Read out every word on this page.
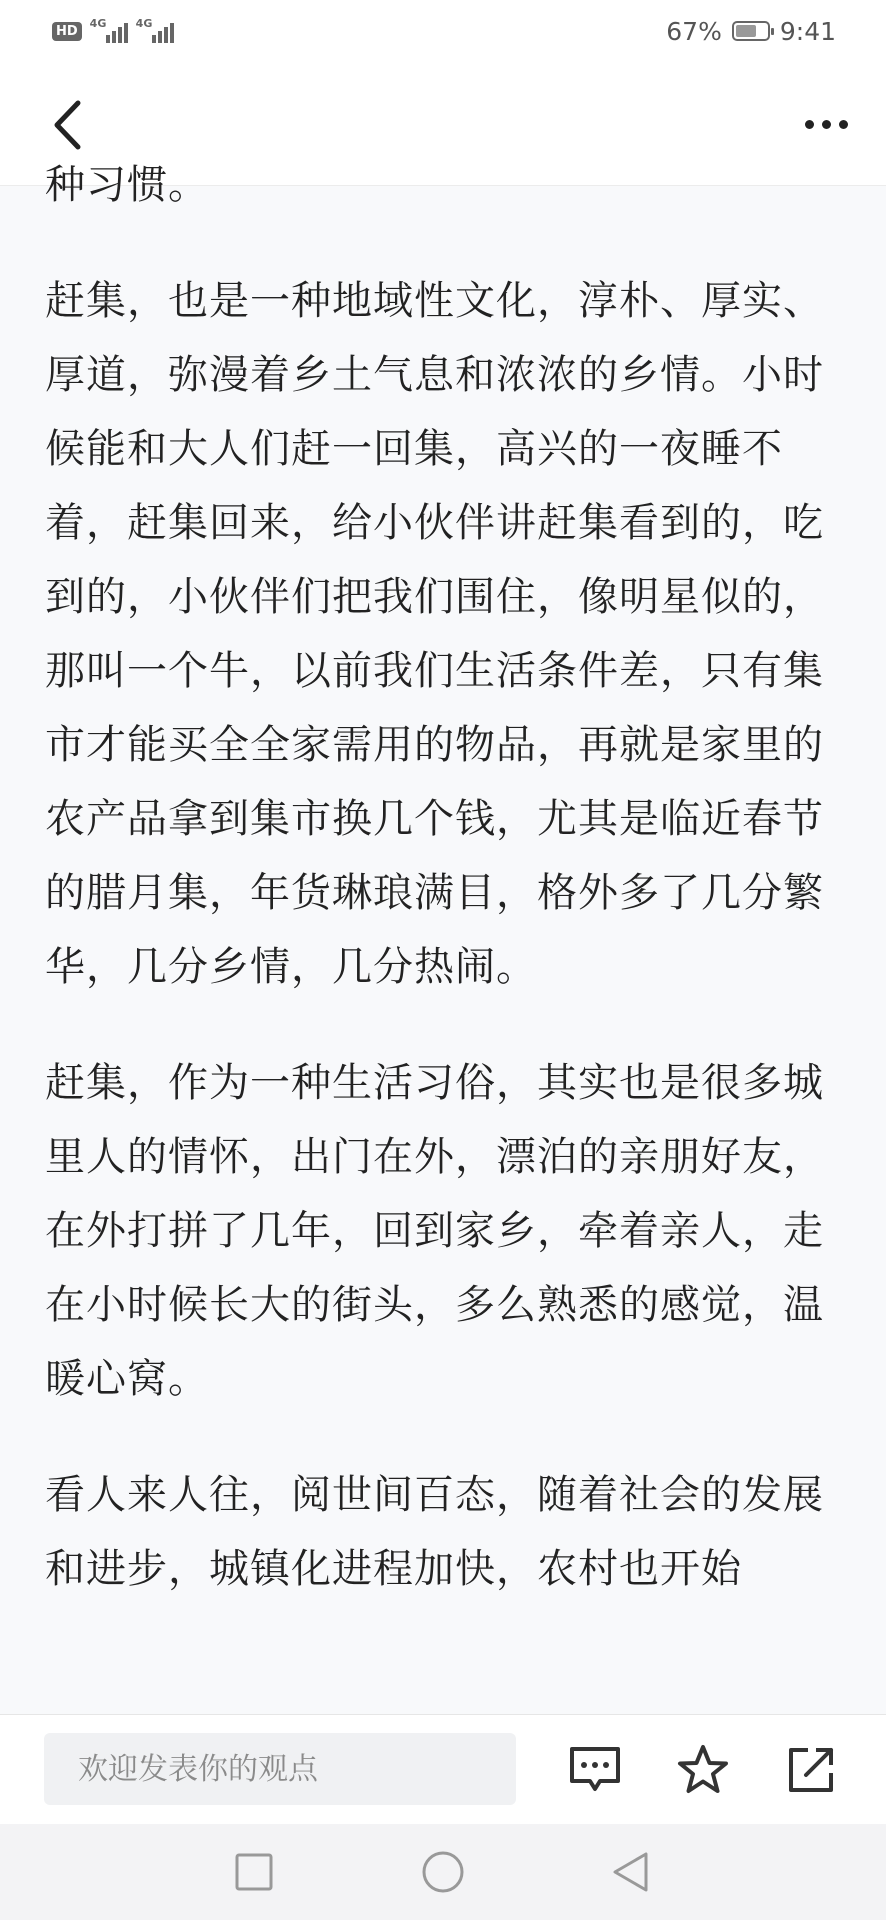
HD	4G	4G	67% 9:41

种习惯。

赶集，也是一种地域性文化，淳朴、厚实、厚道，弥漫着乡土气息和浓浓的乡情。小时候能和大人们赶一回集，高兴的一夜睡不着，赶集回来，给小伙伴讲赶集看到的，吃到的，小伙伴们把我们围住，像明星似的，那叫一个牛，以前我们生活条件差，只有集市才能买全全家需用的物品，再就是家里的农产品拿到集市换几个钱，尤其是临近春节的腊月集，年货琳琅满目，格外多了几分繁华，几分乡情，几分热闹。

赶集，作为一种生活习俗，其实也是很多城里人的情怀，出门在外，漂泊的亲朋好友，在外打拼了几年，回到家乡，牵着亲人，走在小时候长大的街头，多么熟悉的感觉，温暖心窝。

看人来人往，阅世间百态，随着社会的发展和进步，城镇化进程加快，农村也开始

欢迎发表你的观点
